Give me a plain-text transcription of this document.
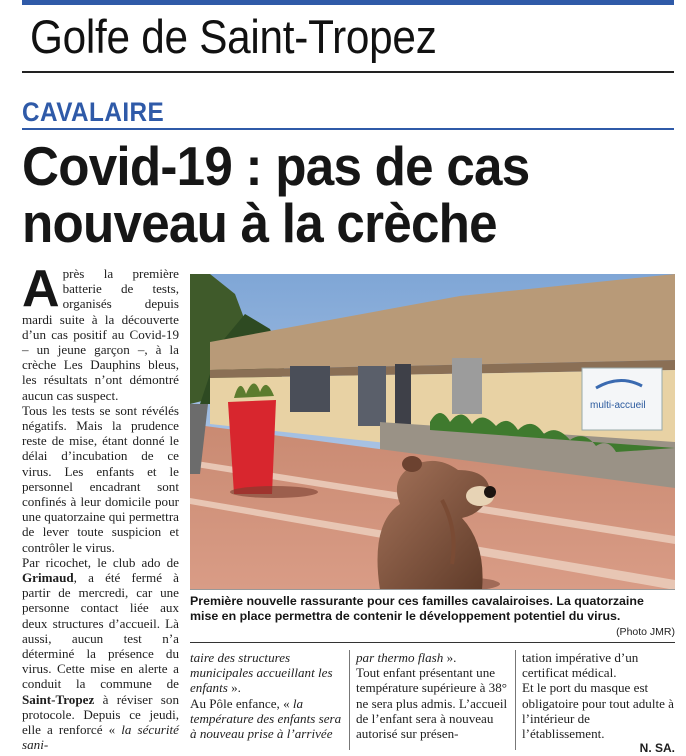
Golfe de Saint-Tropez
CAVALAIRE
Covid-19 : pas de cas
nouveau à la crèche

Après la première batterie de tests, organisés depuis mardi suite à la découverte d’un cas positif au Covid-19 – un jeune garçon –, à la crèche Les Dauphins bleus, les résultats n’ont démontré aucun cas suspect.

Tous les tests se sont révélés négatifs. Mais la prudence reste de mise, étant donné le délai d’incubation de ce virus. Les enfants et le personnel encadrant sont confinés à leur domicile pour une quatorzaine qui permettra de lever toute suspicion et contrôler le virus.

Par ricochet, le club ado de Grimaud, a été fermé à partir de mercredi, car une personne contact liée aux deux structures d’accueil. Là aussi, aucun test n’a déterminé la présence du virus. Cette mise en alerte a conduit la commune de Saint-Tropez à réviser son protocole. Depuis ce jeudi, elle a renforcé « la sécurité sani-

multi-accueil
Première nouvelle rassurante pour ces familles cavalairoises. La quatorzaine mise en place permettra de contenir le développement potentiel du virus.
(Photo JMR)

taire des structures municipales accueillant les enfants ».

Au Pôle enfance, « la température des enfants sera à nouveau prise à l’arrivée

par thermo flash ».

Tout enfant présentant une température supérieure à 38° ne sera plus admis. L’accueil de l’enfant sera à nouveau autorisé sur présen-

tation impérative d’un certificat médical.

Et le port du masque est obligatoire pour tout adulte à l’intérieur de l’établissement.

N. SA.
